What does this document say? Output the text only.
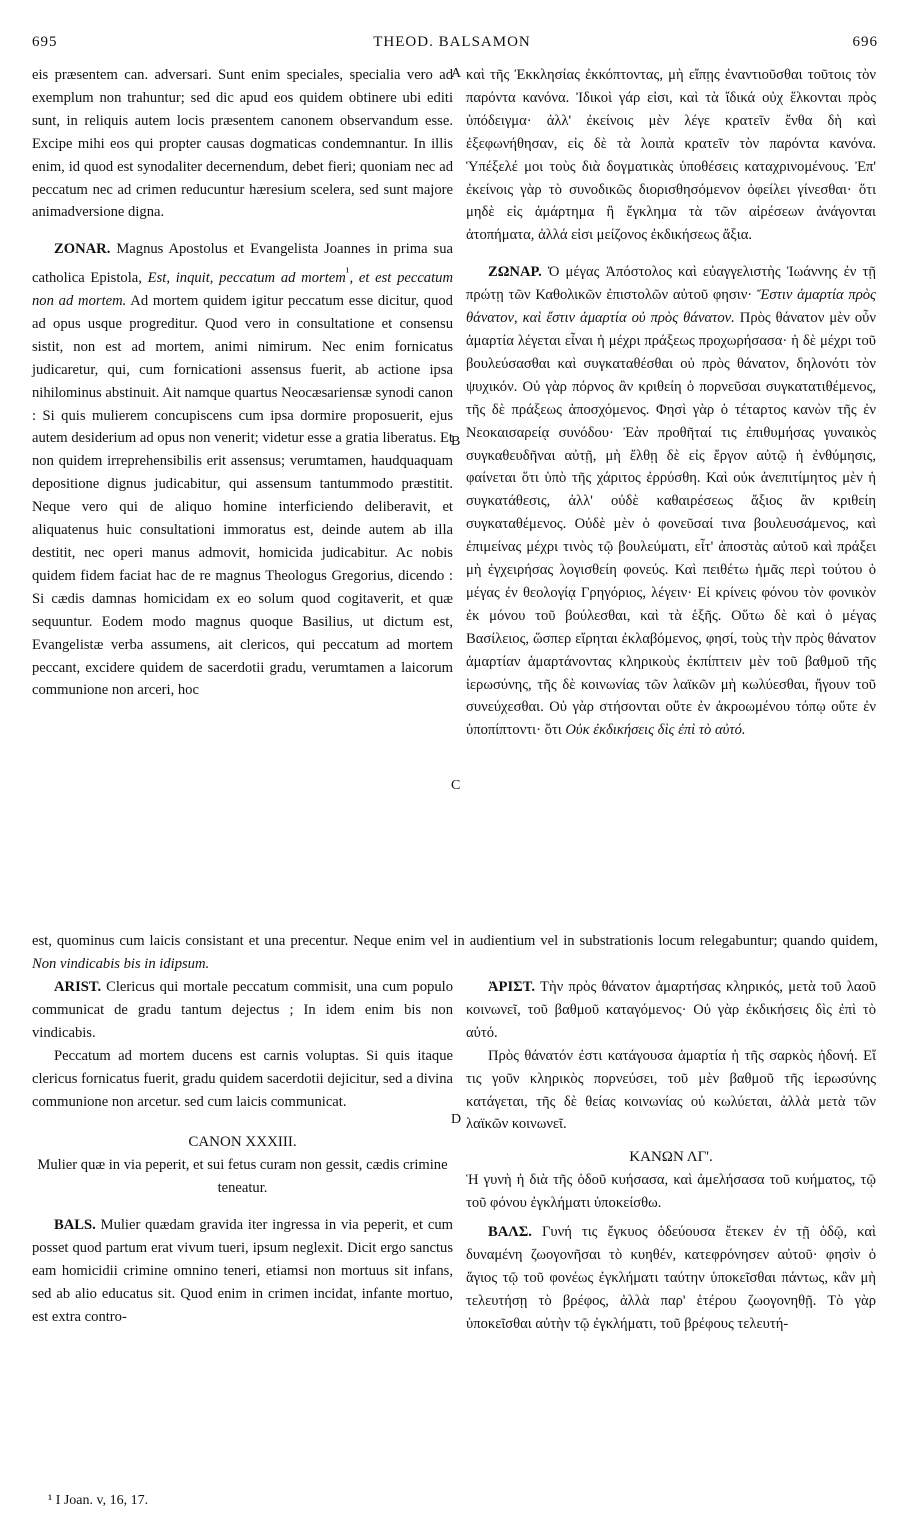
695	THEOD. BALSAMON	696
A
B
C
D

eis præsentem can. adversari. Sunt enim speciales, specialia vero ad exemplum non trahuntur; sed dic apud eos quidem obtinere ubi editi sunt, in reliquis autem locis præsentem canonem observandum esse. Excipe mihi eos qui propter causas dogmaticas condemnantur. In illis enim, id quod est synodaliter decernendum, debet fieri; quoniam nec ad peccatum nec ad crimen reducuntur hæresium scelera, sed sunt majore animadversione digna.

ZONAR. Magnus Apostolus et Evangelista Joannes in prima sua catholica Epistola, Est, inquit, peccatum ad mortem$^{^1}$, et est peccatum non ad mortem. Ad mortem quidem igitur peccatum esse dicitur, quod ad opus usque progreditur. Quod vero in consultatione et consensu sistit, non est ad mortem, animi nimirum. Nec enim fornicatus judicaretur, qui, cum fornicationi assensus fuerit, ab actione ipsa nihilominus abstinuit. Ait namque quartus Neocæsariensæ synodi canon : Si quis mulierem concupiscens cum ipsa dormire proposuerit, ejus autem desiderium ad opus non venerit; videtur esse a gratia liberatus. Et non quidem irreprehensibilis erit assensus; verumtamen, haudquaquam depositione dignus judicabitur, qui assensum tantummodo præstitit. Neque vero qui de aliquo homine interficiendo deliberavit, et aliquatenus huic consultationi immoratus est, deinde autem ab illa destitit, nec operi manus admovit, homicida judicabitur. Ac nobis quidem fidem faciat hac de re magnus Theologus Gregorius, dicendo : Si cædis damnas homicidam ex eo solum quod cogitaverit, et quæ sequuntur. Eodem modo magnus quoque Basilius, ut dictum est, Evangelistæ verba assumens, ait clericos, qui peccatum ad mortem peccant, excidere quidem de sacerdotii gradu, verumtamen a laicorum communione non arceri, hoc

καὶ τῆς Ἐκκλησίας ἐκκόπτοντας, μὴ εἴπῃς ἐναντιοῦσθαι τοῦτοις τὸν παρόντα κανόνα. Ἰδικοὶ γάρ εἰσι, καὶ τὰ ἴδικά οὐχ ἕλκονται πρὸς ὑπόδειγμα· ἀλλ' ἐκείνοις μὲν λέγε κρατεῖν ἔνθα δὴ καὶ ἐξεφωνήθησαν, εἰς δὲ τὰ λοιπὰ κρατεῖν τὸν παρόντα κανόνα. Ὑπέξελέ μοι τοὺς διὰ δογματικὰς ὑποθέσεις καταχρινομένους. Ἐπ' ἐκείνοις γὰρ τὸ συνοδικῶς διορισθησόμενον ὀφείλει γίνεσθαι· ὅτι μηδὲ εἰς ἁμάρτημα ἢ ἔγκλημα τὰ τῶν αἱρέσεων ἀνάγονται ἀτοπήματα, ἀλλά εἰσι μείζονος ἐκδικήσεως ἄξια.

ΖΩΝΑΡ. Ὁ μέγας Ἀπόστολος καὶ εὐαγγελιστὴς Ἰωάννης ἐν τῇ πρώτῃ τῶν Καθολικῶν ἐπιστολῶν αὐτοῦ φησιν· Ἔστιν ἁμαρτία πρὸς θάνατον, καὶ ἔστιν ἁμαρτία οὐ πρὸς θάνατον. Πρὸς θάνατον μὲν οὖν ἁμαρτία λέγεται εἶναι ἡ μέχρι πράξεως προχωρήσασα· ἡ δὲ μέχρι τοῦ βουλεύσασθαι καὶ συγκαταθέσθαι οὐ πρὸς θάνατον, δηλονότι τὸν ψυχικόν. Οὐ γὰρ πόρνος ἂν κριθείη ὁ πορνεῦσαι συγκατατιθέμενος, τῆς δὲ πράξεως ἀποσχόμενος. Φησὶ γὰρ ὁ τέταρτος κανὼν τῆς ἐν Νεοκαισαρείᾳ συνόδου· Ἐὰν προθῆταί τις ἐπιθυμήσας γυναικὸς συγκαθευδῆναι αὐτῇ, μὴ ἔλθῃ δὲ εἰς ἔργον αὐτῷ ἡ ἐνθύμησις, φαίνεται ὅτι ὑπὸ τῆς χάριτος ἐρρύσθη. Καὶ οὐκ ἀνεπιτίμητος μὲν ἡ συγκατάθεσις, ἀλλ' οὐδὲ καθαιρέσεως ἄξιος ἂν κριθείη συγκαταθέμενος. Οὐδὲ μὲν ὁ φονεῦσαί τινα βουλευσάμενος, καὶ ἐπιμείνας μέχρι τινὸς τῷ βουλεύματι, εἶτ' ἀποστὰς αὐτοῦ καὶ πράξει μὴ ἐγχειρήσας λογισθείη φονεύς. Καὶ πειθέτω ἡμᾶς περὶ τούτου ὁ μέγας ἐν θεολογίᾳ Γρηγόριος, λέγειν· Εἰ κρίνεις φόνου τὸν φονικὸν ἐκ μόνου τοῦ βούλεσθαι, καὶ τὰ ἑξῆς. Οὕτω δὲ καὶ ὁ μέγας Βασίλειος, ὥσπερ εἴρηται ἐκλαβόμενος, φησί, τοὺς τὴν πρὸς θάνατον ἁμαρτίαν ἁμαρτάνοντας κληρικοὺς ἐκπίπτειν μὲν τοῦ βαθμοῦ τῆς ἱερωσύνης, τῆς δὲ κοινωνίας τῶν λαϊκῶν μὴ κωλύεσθαι, ἤγουν τοῦ συνεύχεσθαι. Οὐ γὰρ στήσονται οὔτε ἐν ἀκροωμένου τόπῳ οὔτε ἐν ὑποπίπτοντι· ὅτι Οὐκ ἐκδικήσεις δὶς ἐπὶ τὸ αὐτό.

est, quominus cum laicis consistant et una precentur. Neque enim vel in audientium vel in substrationis locum relegabuntur; quando quidem, Non vindicabis bis in idipsum.

ARIST. Clericus qui mortale peccatum commisit, una cum populo communicat de gradu tantum dejectus ; In idem enim bis non vindicabis.

Peccatum ad mortem ducens est carnis voluptas. Si quis itaque clericus fornicatus fuerit, gradu quidem sacerdotii dejicitur, sed a divina communione non arcetur. sed cum laicis communicat.

CANON XXXIII.

Mulier quæ in via peperit, et sui fetus curam non gessit, cædis crimine teneatur.

BALS. Mulier quædam gravida iter ingressa in via peperit, et cum posset quod partum erat vivum tueri, ipsum neglexit. Dicit ergo sanctus eam homicidii crimine omnino teneri, etiamsi non mortuus sit infans, sed ab alio educatus sit. Quod enim in crimen incidat, infante mortuo, est extra contro-

ἈΡΙΣΤ. Τὴν πρὸς θάνατον ἁμαρτήσας κληρικός, μετὰ τοῦ λαοῦ κοινωνεῖ, τοῦ βαθμοῦ καταγόμενος· Οὐ γὰρ ἐκδικήσεις δὶς ἐπὶ τὸ αὐτό.

Πρὸς θάνατόν ἐστι κατάγουσα ἁμαρτία ἡ τῆς σαρκὸς ἡδονή. Εἴ τις γοῦν κληρικὸς πορνεύσει, τοῦ μὲν βαθμοῦ τῆς ἱερωσύνης κατάγεται, τῆς δὲ θείας κοινωνίας οὐ κωλύεται, ἀλλὰ μετὰ τῶν λαϊκῶν κοινωνεῖ.

ΚΑΝΩΝ ΛΓ'.

Ἡ γυνὴ ἡ διὰ τῆς ὁδοῦ κυήσασα, καὶ ἀμελήσασα τοῦ κυήματος, τῷ τοῦ φόνου ἐγκλήματι ὑποκείσθω.

ΒΑΛΣ. Γυνή τις ἔγκυος ὁδεύουσα ἔτεκεν ἐν τῇ ὁδῷ, καὶ δυναμένη ζωογονῆσαι τὸ κυηθέν, κατεφρόνησεν αὐτοῦ· φησὶν ὁ ἅγιος τῷ τοῦ φονέως ἐγκλήματι ταύτην ὑποκεῖσθαι πάντως, κἂν μὴ τελευτήσῃ τὸ βρέφος, ἀλλὰ παρ' ἑτέρου ζωογονηθῇ. Τὸ γὰρ ὑποκεῖσθαι αὐτὴν τῷ ἐγκλήματι, τοῦ βρέφους τελευτή-

¹ I Joan. v, 16, 17.
